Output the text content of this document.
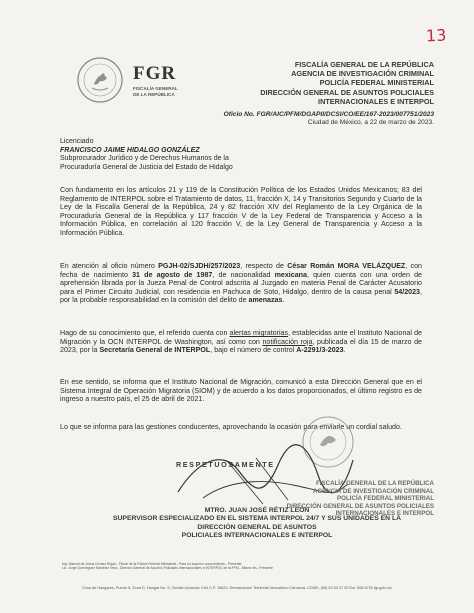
13
FGR
FISCALÍA GENERAL DE LA REPÚBLICA
FISCALÍA GENERAL DE LA REPÚBLICA
AGENCIA DE INVESTIGACIÓN CRIMINAL
POLICÍA FEDERAL MINISTERIAL
DIRECCIÓN GENERAL DE ASUNTOS POLICIALES
INTERNACIONALES E INTERPOL
Oficio No. FGR/AIC/PFM/DGAPII/DCSI/CO/EE/167-2023/007751/2023
Ciudad de México, a 22 de marzo de 2023.
Licenciado
FRANCISCO JAIME HIDALGO GONZÁLEZ
Subprocurador Jurídico y de Derechos Humanos de la
Procuraduría General de Justicia del Estado de Hidalgo
Con fundamento en los artículos 21 y 119 de la Constitución Política de los Estados Unidos Mexicanos; 83 del Reglamento de INTERPOL sobre el Tratamiento de datos, 11, fracción X, 14 y Transitorios Segundo y Cuarto de la Ley de la Fiscalía General de la República, 24 y 82 fracción XIV del Reglamento de la Ley Orgánica de la Procuraduría General de la República y 117 fracción V de la Ley Federal de Transparencia y Acceso a la Información Pública, en correlación al 120 fracción V, de la Ley General de Transparencia y Acceso a la Información Pública.
En atención al oficio número PGJH-02/SJDH/257/2023, respecto de César Román MORA VELÁZQUEZ, con fecha de nacimiento 31 de agosto de 1987, de nacionalidad mexicana, quien cuenta con una orden de aprehensión librada por la Jueza Penal de Control adscrita al Juzgado en materia Penal de Carácter Acusatorio para el Primer Circuito Judicial, con residencia en Pachuca de Soto, Hidalgo, dentro de la causa penal 54/2023, por la probable responsabilidad en la comisión del delito de amenazas.
Hago de su conocimiento que, el referido cuenta con alertas migratorias, establecidas ante el Instituto Nacional de Migración y la OCN INTERPOL de Washington, así como con notificación roja, publicada el día 15 de marzo de 2023, por la Secretaría General de INTERPOL, bajo el número de control A-2291/3-2023.
En ese sentido, se informa que el Instituto Nacional de Migración, comunicó a esta Dirección General que en el Sistema Integral de Operación Migratoria (SIOM) y de acuerdo a los datos proporcionados, el último registro es de ingreso a nuestro país, el 25 de abril de 2021.
Lo que se informa para las gestiones conducentes, aprovechando la ocasión para enviarle un cordial saludo.
RESPETUOSAMENTE
FISCALÍA GENERAL DE LA REPÚBLICA
AGENCIA DE INVESTIGACIÓN CRIMINAL
POLICÍA FEDERAL MINISTERIAL
DIRECCIÓN GENERAL DE ASUNTOS POLICIALES
INTERNACIONALES E INTERPOL
MTRO. JUAN JOSÉ RÉTIZ LEÓN
SUPERVISOR ESPECIALIZADO EN EL SISTEMA INTERPOL 24/7 Y SUS UNIDADES EN LA DIRECCIÓN GENERAL DE ASUNTOS
POLICIALES INTERNACIONALES E INTERPOL
Ing. Manuel de Jesús Gómez Rojas.- Titular de la Policía Federal Ministerial.- Para su superior conocimiento.- Presente
Lic. Jorge Domínguez Martínez Vera.- Director General de Asuntos Policiales Internacionales e INTERPOL de la PFM.- Mismo fin.- Presente
Zona de Hangares, Puerto 5, Zona D, Hangar No. 5, Ocotlán Aviación Civil C.P. 15620, Demarcación Territorial Venustiano Carranza, CDMX, (55) 52 53 37 00 Ext. 506 6700 fgr.gob.mx
